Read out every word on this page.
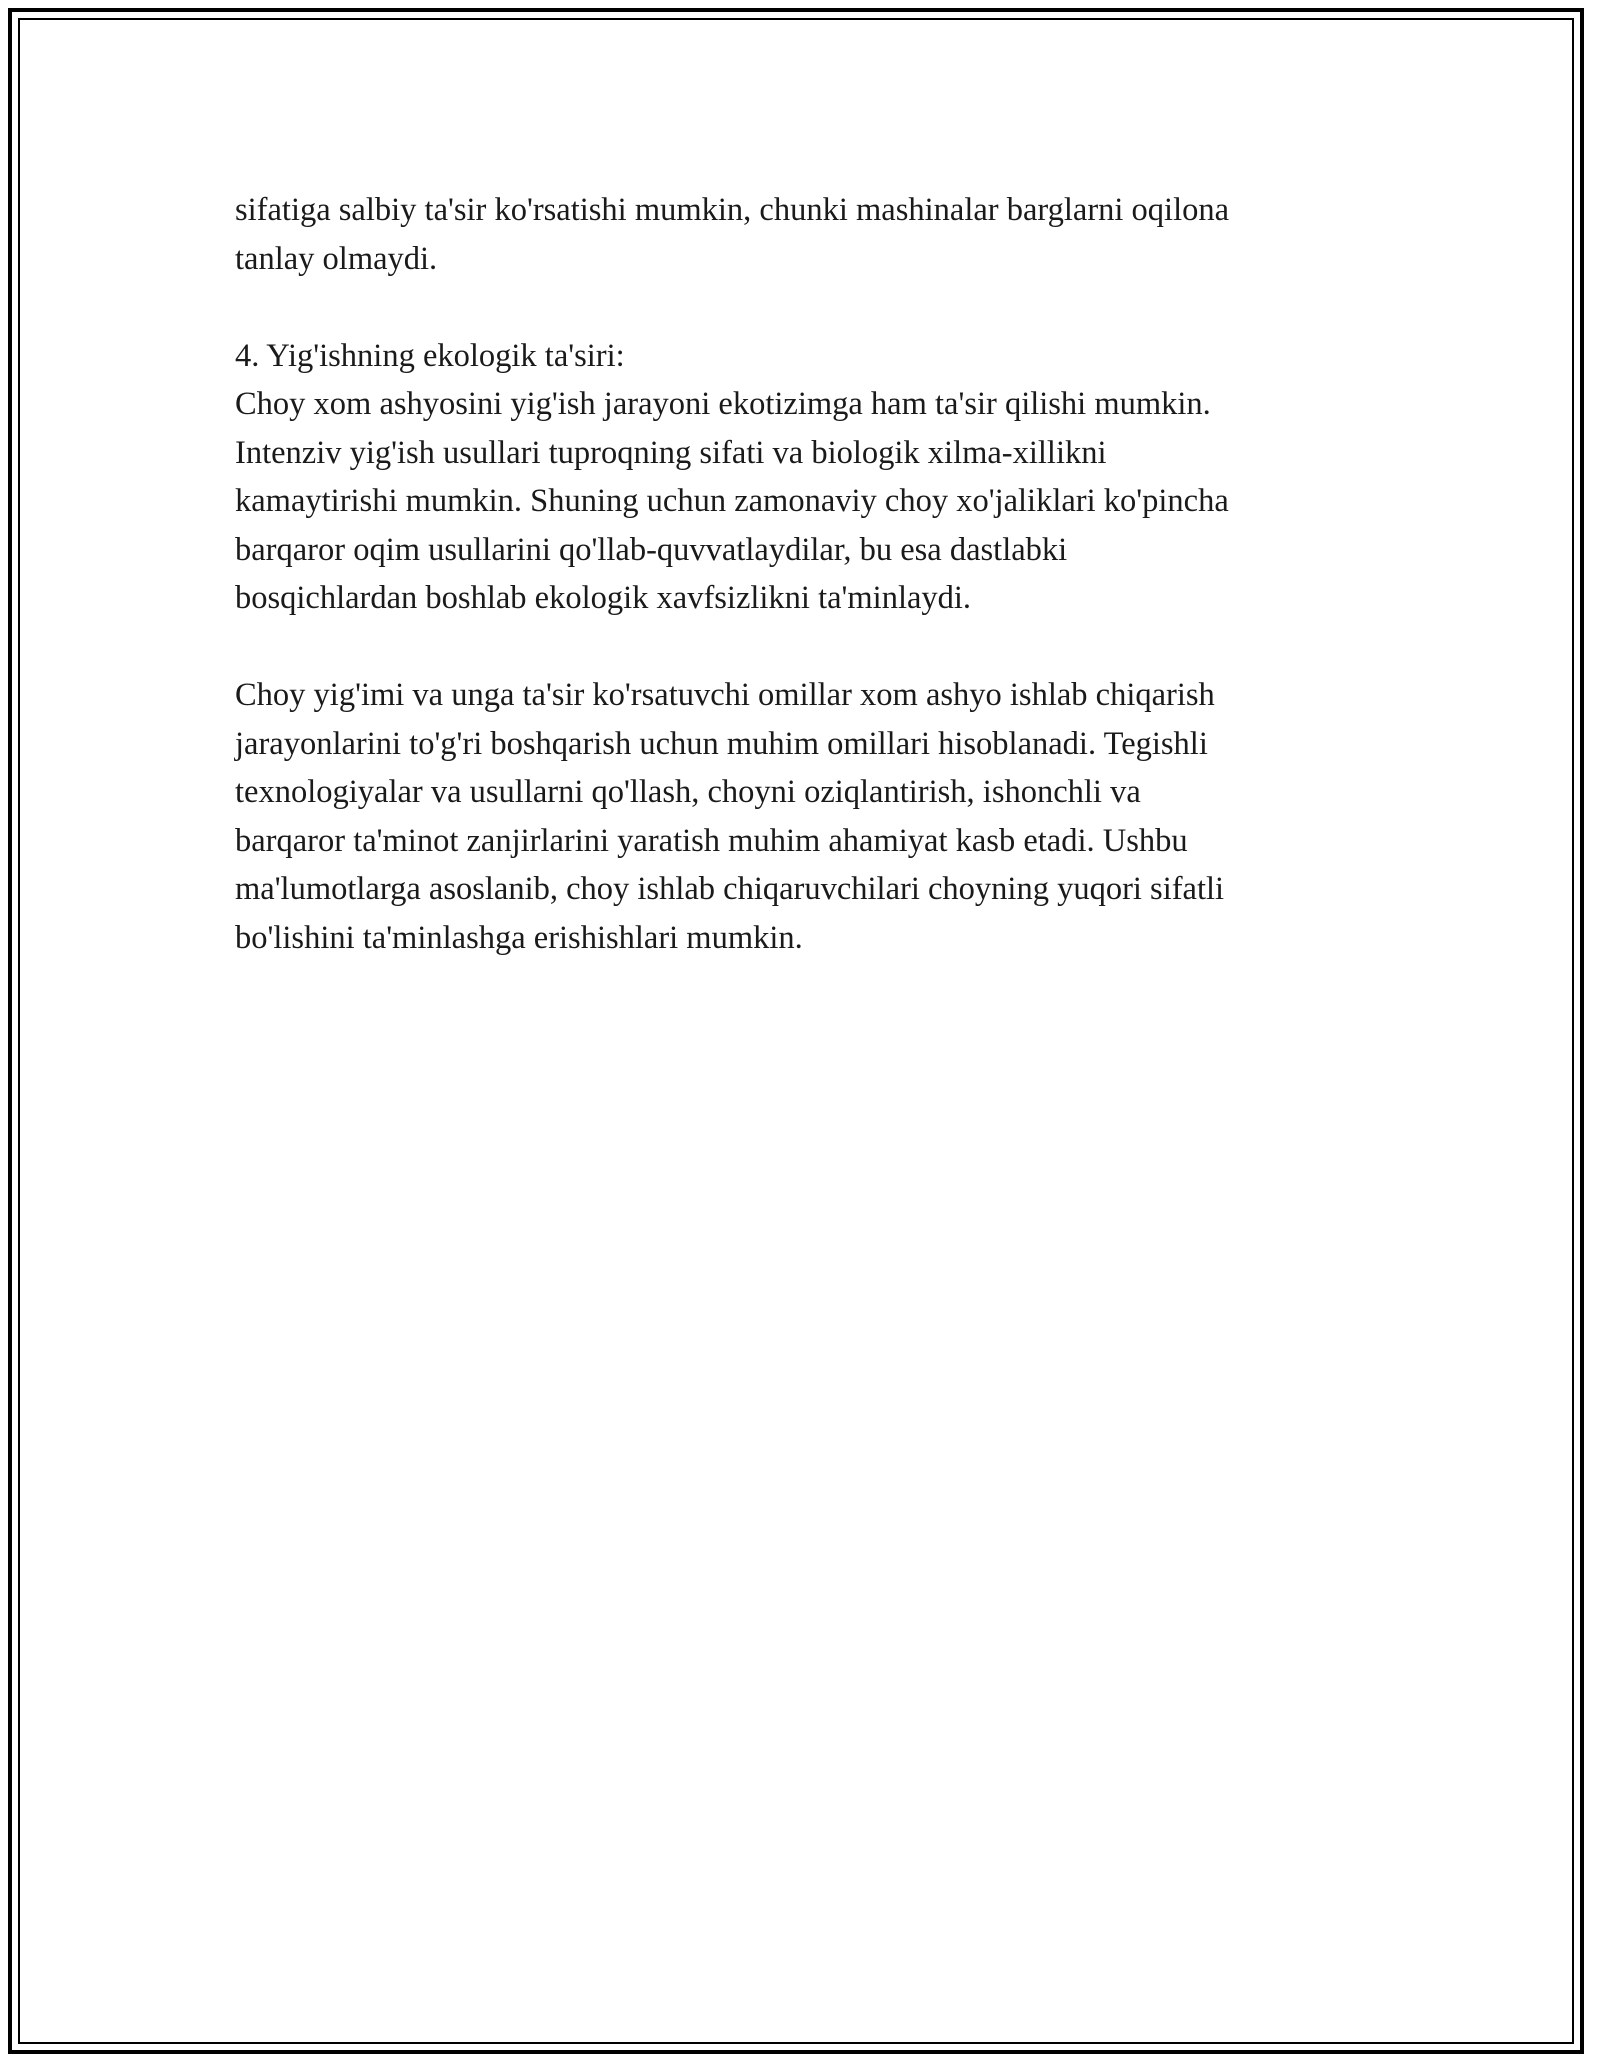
sifatiga salbiy ta'sir ko'rsatishi mumkin, chunki mashinalar barglarni oqilona
tanlay olmaydi.

4. Yig'ishning ekologik ta'siri:

Choy xom ashyosini yig'ish jarayoni ekotizimga ham ta'sir qilishi mumkin.
Intenziv yig'ish usullari tuproqning sifati va biologik xilma-xillikni
kamaytirishi mumkin. Shuning uchun zamonaviy choy xo'jaliklari ko'pincha
barqaror oqim usullarini qo'llab-quvvatlaydilar, bu esa dastlabki
bosqichlardan boshlab ekologik xavfsizlikni ta'minlaydi.

Choy yig'imi va unga ta'sir ko'rsatuvchi omillar xom ashyo ishlab chiqarish
jarayonlarini to'g'ri boshqarish uchun muhim omillari hisoblanadi. Tegishli
texnologiyalar va usullarni qo'llash, choyni oziqlantirish, ishonchli va
barqaror ta'minot zanjirlarini yaratish muhim ahamiyat kasb etadi. Ushbu
ma'lumotlarga asoslanib, choy ishlab chiqaruvchilari choyning yuqori sifatli
bo'lishini ta'minlashga erishishlari mumkin.
